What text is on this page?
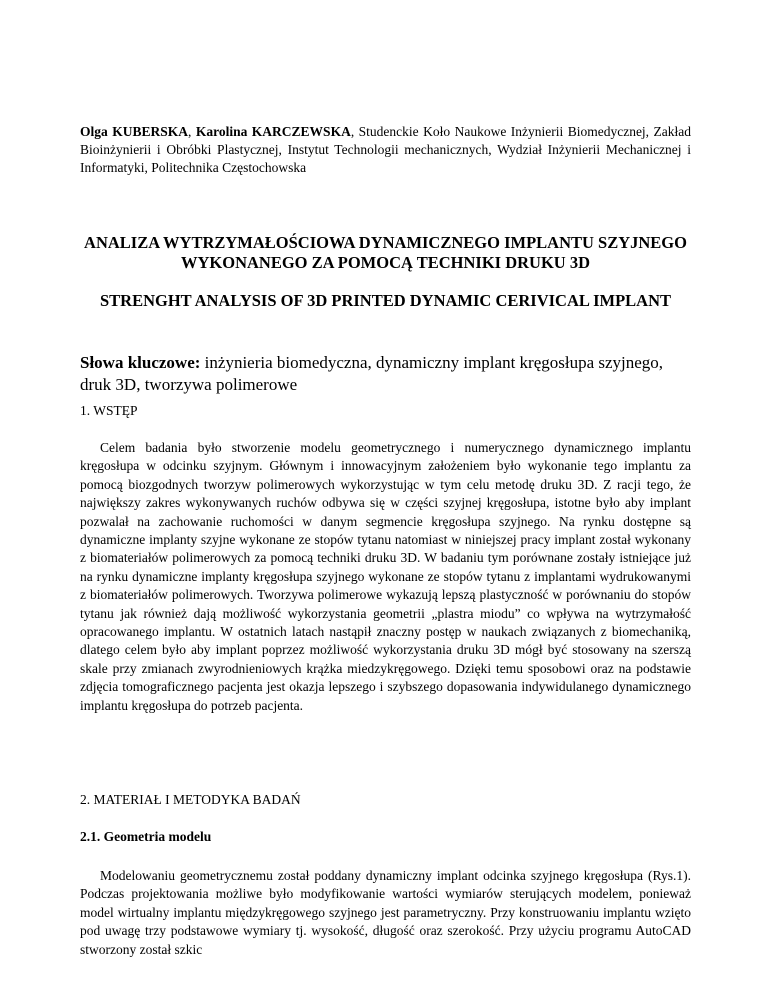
Olga KUBERSKA, Karolina KARCZEWSKA, Studenckie Koło Naukowe Inżynierii Biomedycznej, Zakład Bioinżynierii i Obróbki Plastycznej, Instytut Technologii mechanicznych, Wydział Inżynierii Mechanicznej i Informatyki, Politechnika Częstochowska
ANALIZA WYTRZYMAŁOŚCIOWA DYNAMICZNEGO IMPLANTU SZYJNEGO WYKONANEGO ZA POMOCĄ TECHNIKI DRUKU 3D
STRENGHT ANALYSIS OF 3D PRINTED DYNAMIC CERIVICAL IMPLANT
Słowa kluczowe: inżynieria biomedyczna, dynamiczny implant kręgosłupa szyjnego, druk 3D, tworzywa polimerowe
1. WSTĘP
Celem badania było stworzenie modelu geometrycznego i numerycznego dynamicznego implantu kręgosłupa w odcinku szyjnym. Głównym i innowacyjnym założeniem było wykonanie tego implantu za pomocą biozgodnych tworzyw polimerowych wykorzystując w tym celu metodę druku 3D. Z racji tego, że największy zakres wykonywanych ruchów odbywa się w części szyjnej kręgosłupa, istotne było aby implant pozwalał na zachowanie ruchomości w danym segmencie kręgosłupa szyjnego. Na rynku dostępne są dynamiczne implanty szyjne wykonane ze stopów tytanu natomiast w niniejszej pracy implant został wykonany z biomateriałów polimerowych za pomocą techniki druku 3D. W badaniu tym porównane zostały istniejące już na rynku dynamiczne implanty kręgosłupa szyjnego wykonane ze stopów tytanu z implantami wydrukowanymi z biomateriałów polimerowych. Tworzywa polimerowe wykazują lepszą plastyczność w porównaniu do stopów tytanu jak również dają możliwość wykorzystania geometrii „plastra miodu” co wpływa na wytrzymałość opracowanego implantu. W ostatnich latach nastąpił znaczny postęp w naukach związanych z biomechaniką, dlatego celem było aby implant poprzez możliwość wykorzystania druku 3D mógł być stosowany na szerszą skale przy zmianach zwyrodnieniowych krążka miedzykręgowego. Dzięki temu sposobowi oraz na podstawie zdjęcia tomograficznego pacjenta jest okazja lepszego i szybszego dopasowania indywidulanego dynamicznego implantu kręgosłupa do potrzeb pacjenta.
2. MATERIAŁ I METODYKA BADAŃ
2.1. Geometria modelu
Modelowaniu geometrycznemu został poddany dynamiczny implant odcinka szyjnego kręgosłupa (Rys.1). Podczas projektowania możliwe było modyfikowanie wartości wymiarów sterujących modelem, ponieważ model wirtualny implantu międzykręgowego szyjnego jest parametryczny. Przy konstruowaniu implantu wzięto pod uwagę trzy podstawowe wymiary tj. wysokość, długość oraz szerokość. Przy użyciu programu AutoCAD stworzony został szkic
